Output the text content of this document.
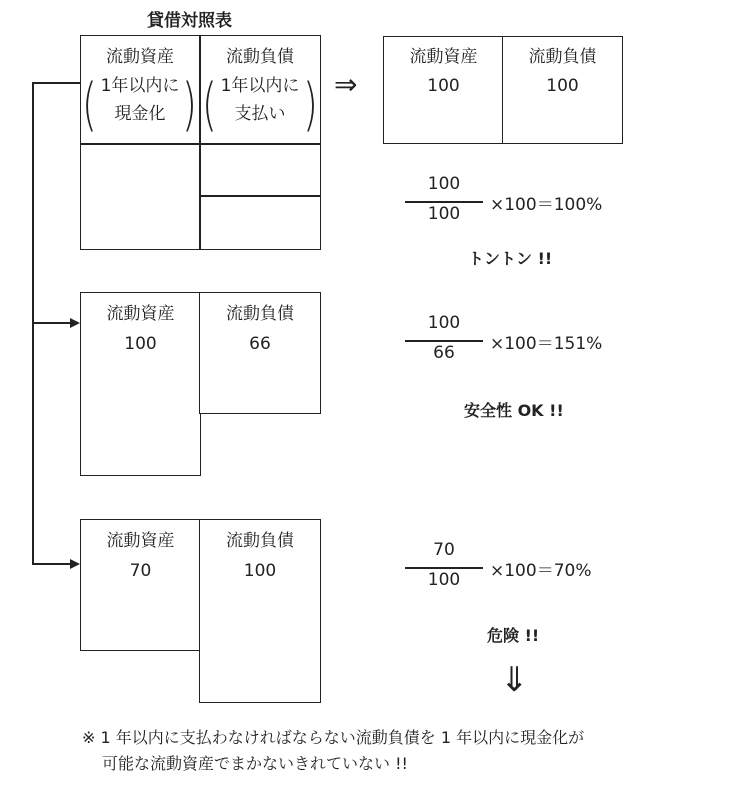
貸借対照表
流動資産
( )
1年以内に
現金化
流動負債
( )
1年以内に
支払い
⇒
流動資産
100
流動負債
100
100
100	×100＝100%
トントン !!
流動資産
100
流動負債
66
100
66	×100＝151%
安全性 OK !!
流動資産
70
流動負債
100
70
100	×100＝70%
危険 !!
⇓
※ 1 年以内に支払わなければならない流動負債を 1 年以内に現金化が
可能な流動資産でまかないきれていない !!
